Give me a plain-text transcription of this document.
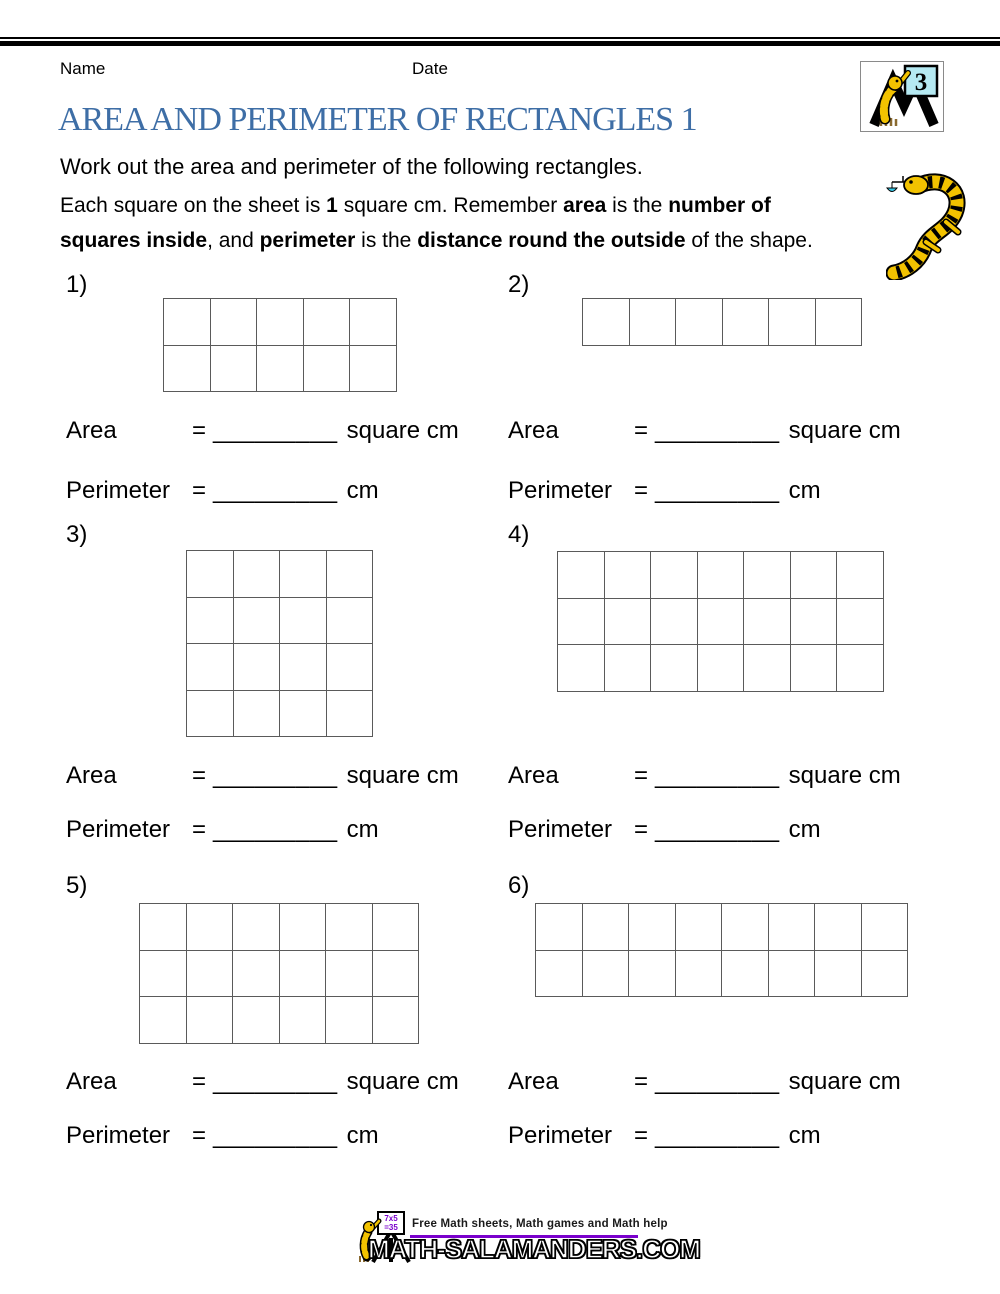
Name	Date
3
AREA AND PERIMETER OF RECTANGLES 1
Work out the area and perimeter of the following rectangles.
Each square on the sheet is 1 square cm. Remember area is the number of
squares inside, and perimeter is the distance round the outside of the shape.
1)	2)
3)	4)
5)	6)
Area	= _________ square cm Area	= _________ square cm
Perimeter = _________ cm	Perimeter = _________ cm
Area	= _________ square cm Area	= _________ square cm
Perimeter = _________ cm	Perimeter = _________ cm
Area	= _________ square cm Area	= _________ square cm
Perimeter = _________ cm	Perimeter = _________ cm
7x5
=35 Free Math sheets, Math games and Math help
MATH-SALAMANDERS.COM
